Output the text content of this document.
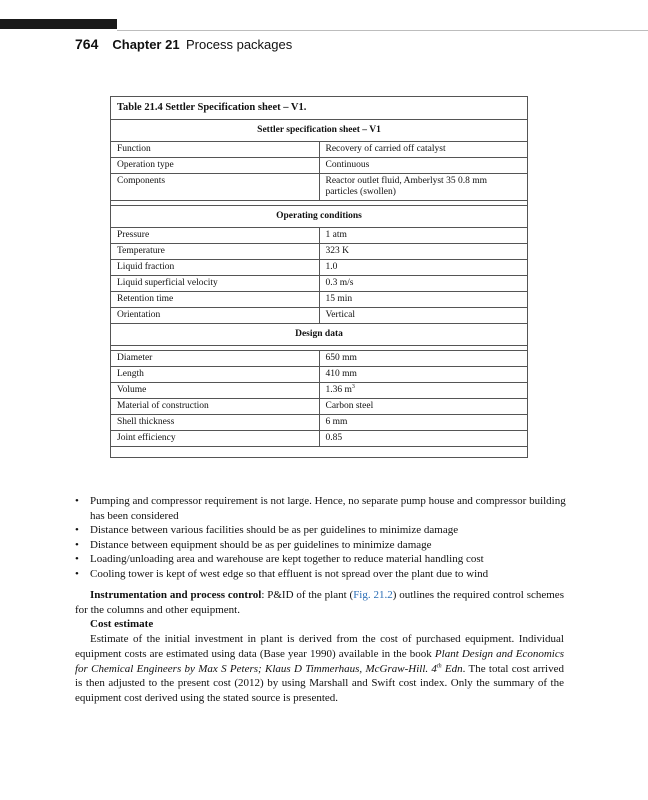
764 Chapter 21 Process packages
Table 21.4 Settler Specification sheet – V1.	
Settler specification sheet – V1	
Function	Recovery of carried off catalyst
Operation type	Continuous
Components	Reactor outlet fluid, Amberlyst 35 0.8 mm particles (swollen)

Operating conditions	
Pressure	1 atm
Temperature	323 K
Liquid fraction	1.0
Liquid superficial velocity	0.3 m/s
Retention time	15 min
Orientation	Vertical
Design data	

Diameter	650 mm
Length	410 mm
Volume	1.36 $m^3$
Material of construction	Carbon steel
Shell thickness	6 mm
Joint efficiency	0.85

• Pumping and compressor requirement is not large. Hence, no separate pump house and compressor building has been considered
• Distance between various facilities should be as per guidelines to minimize damage
• Distance between equipment should be as per guidelines to minimize damage
• Loading/unloading area and warehouse are kept together to reduce material handling cost
• Cooling tower is kept of west edge so that effluent is not spread over the plant due to wind

Instrumentation and process control: P&ID of the plant (Fig. 21.2) outlines the required control schemes for the columns and other equipment.

Cost estimate

Estimate of the initial investment in plant is derived from the cost of purchased equipment. Individual equipment costs are estimated using data (Base year 1990) available in the book Plant Design and Economics for Chemical Engineers by Max S Peters; Klaus D Timmerhaus, McGraw-Hill. 4th Edn. The total cost arrived is then adjusted to the present cost (2012) by using Marshall and Swift cost index. Only the summary of the equipment cost derived using the stated source is presented.
